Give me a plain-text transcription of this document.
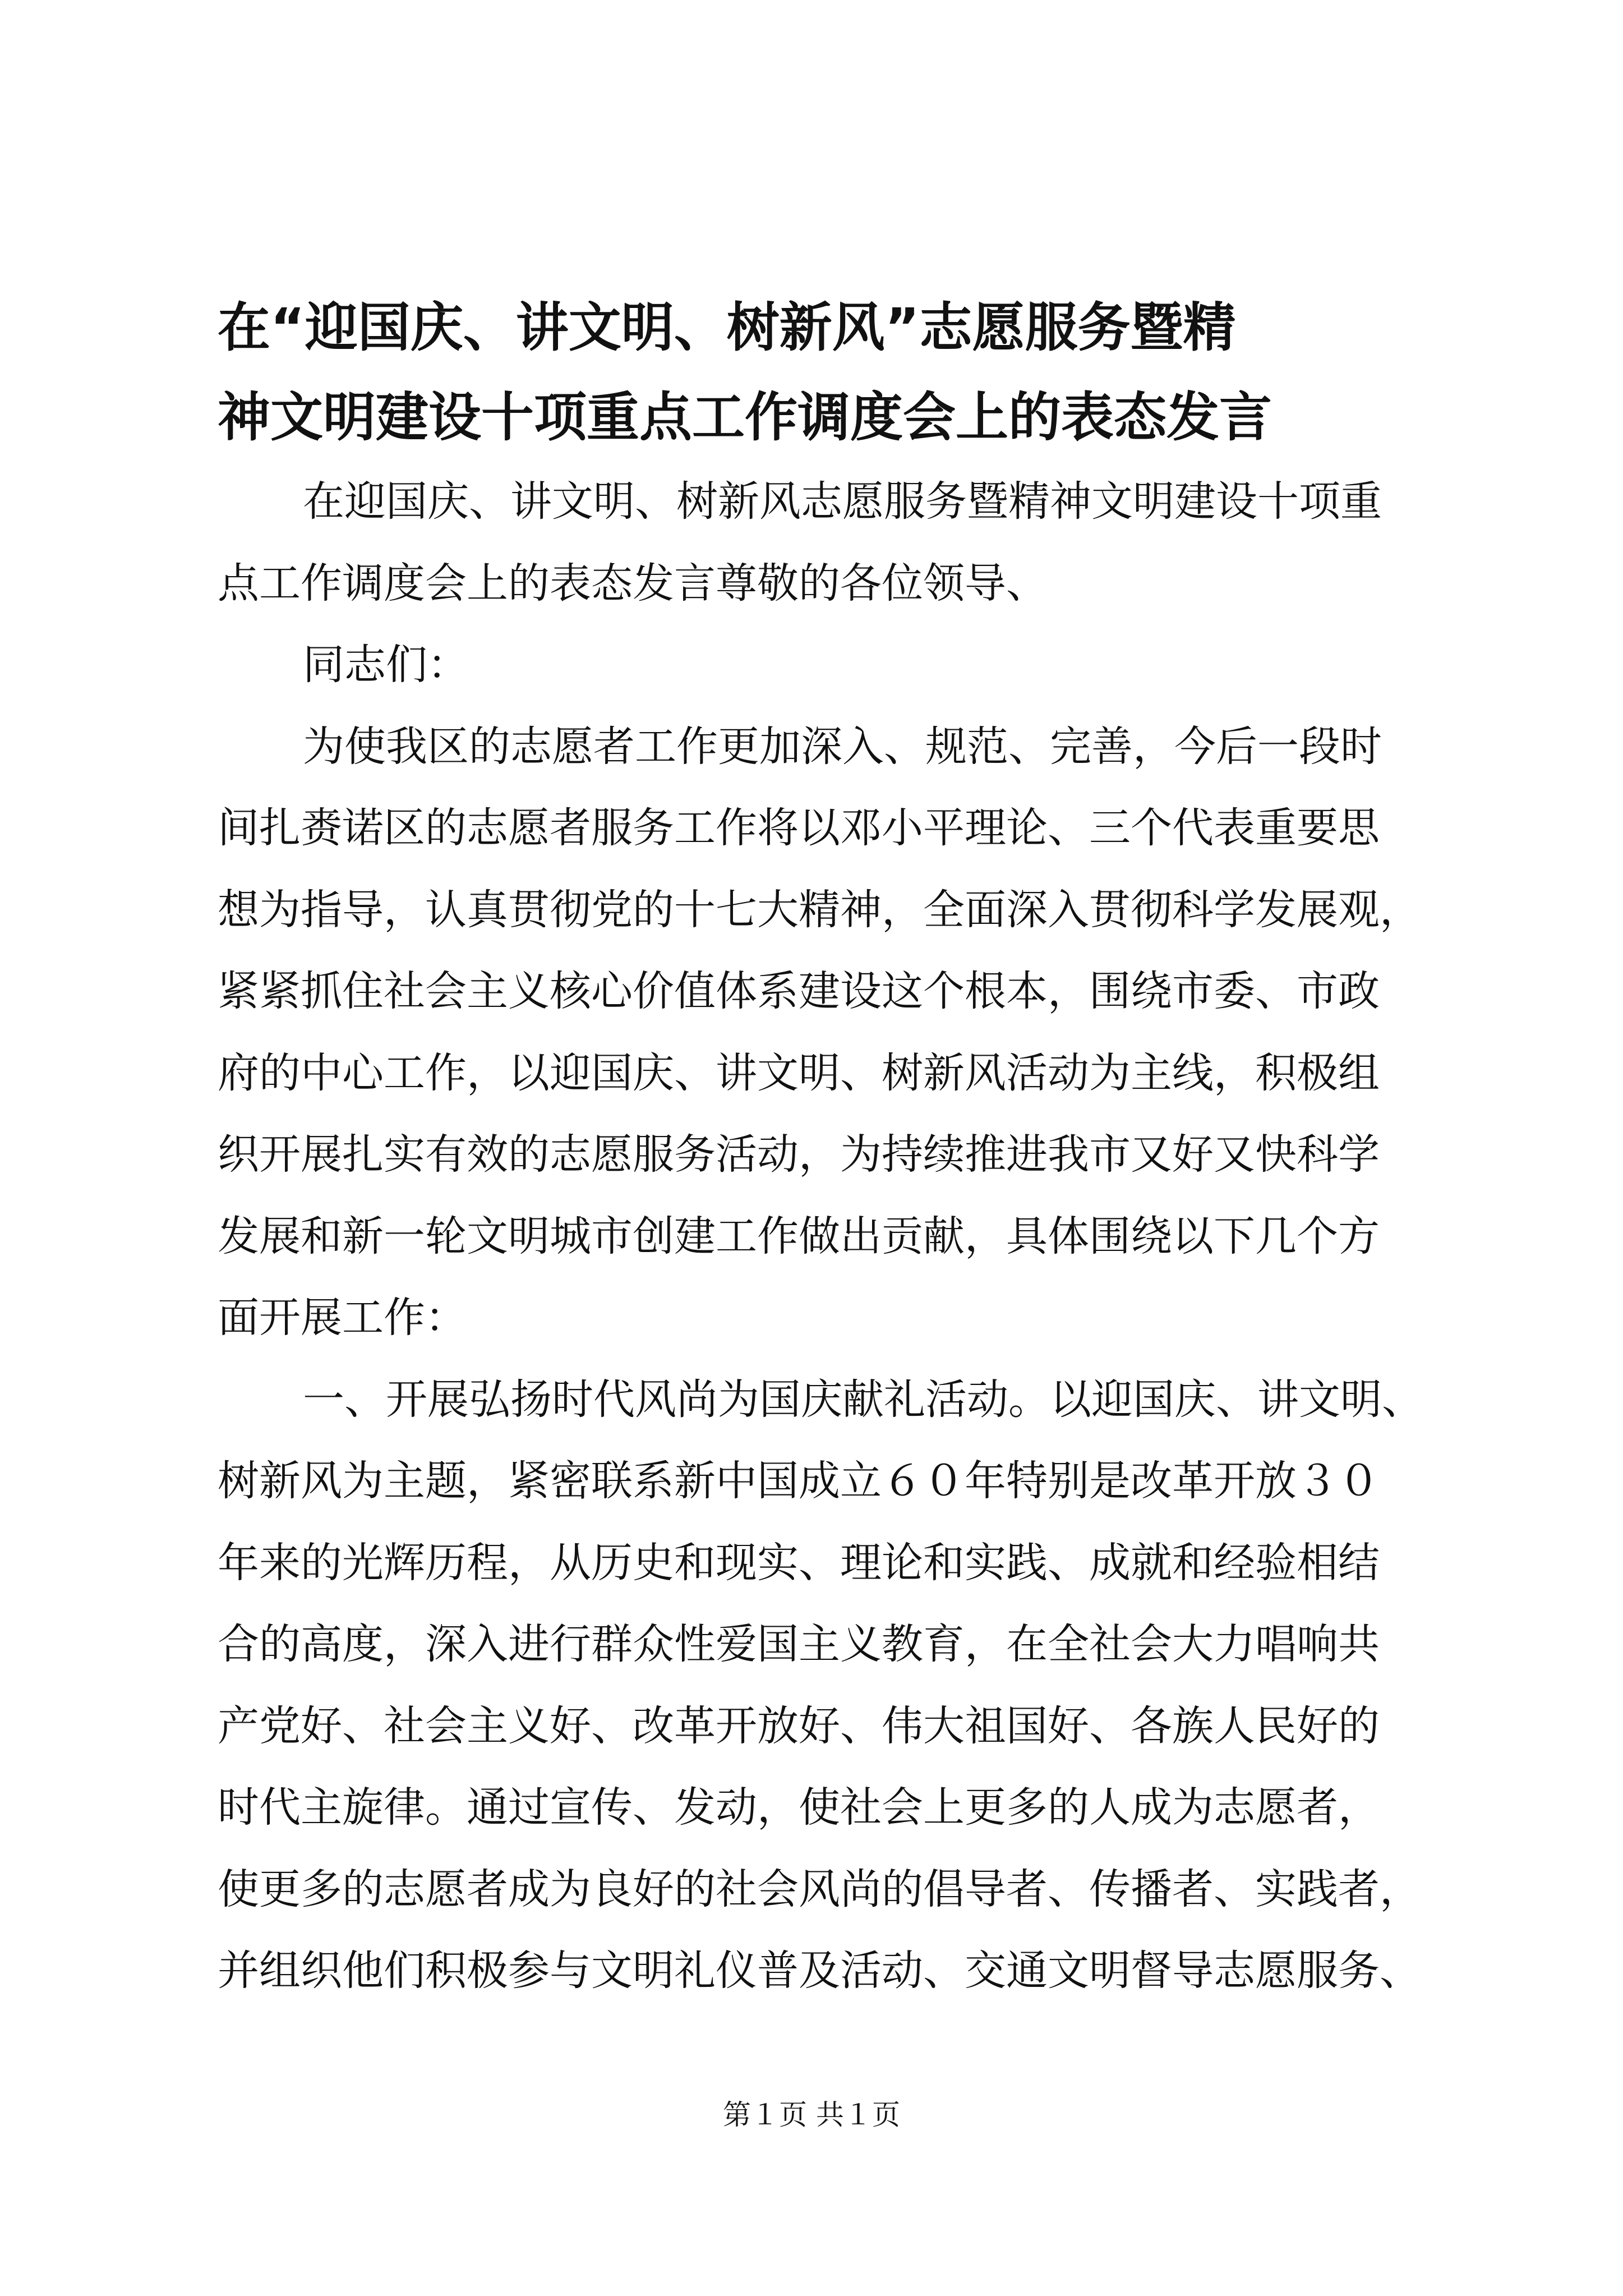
在“迎国庆、讲文明、树新风”志愿服务暨精
神文明建设十项重点工作调度会上的表态发言
在迎国庆、讲文明、树新风志愿服务暨精神文明建设十项重
点工作调度会上的表态发言尊敬的各位领导、
同志们：
为使我区的志愿者工作更加深入、规范、完善，今后一段时
间扎赉诺区的志愿者服务工作将以邓小平理论、三个代表重要思
想为指导，认真贯彻党的十七大精神，全面深入贯彻科学发展观，
紧紧抓住社会主义核心价值体系建设这个根本，围绕市委、市政
府的中心工作，以迎国庆、讲文明、树新风活动为主线，积极组
织开展扎实有效的志愿服务活动，为持续推进我市又好又快科学
发展和新一轮文明城市创建工作做出贡献，具体围绕以下几个方
面开展工作：
一、开展弘扬时代风尚为国庆献礼活动。以迎国庆、讲文明、
树新风为主题，紧密联系新中国成立６０年特别是改革开放３０
年来的光辉历程，从历史和现实、理论和实践、成就和经验相结
合的高度，深入进行群众性爱国主义教育，在全社会大力唱响共
产党好、社会主义好、改革开放好、伟大祖国好、各族人民好的
时代主旋律。通过宣传、发动，使社会上更多的人成为志愿者，
使更多的志愿者成为良好的社会风尚的倡导者、传播者、实践者，
并组织他们积极参与文明礼仪普及活动、交通文明督导志愿服务、
第１页 共１页
